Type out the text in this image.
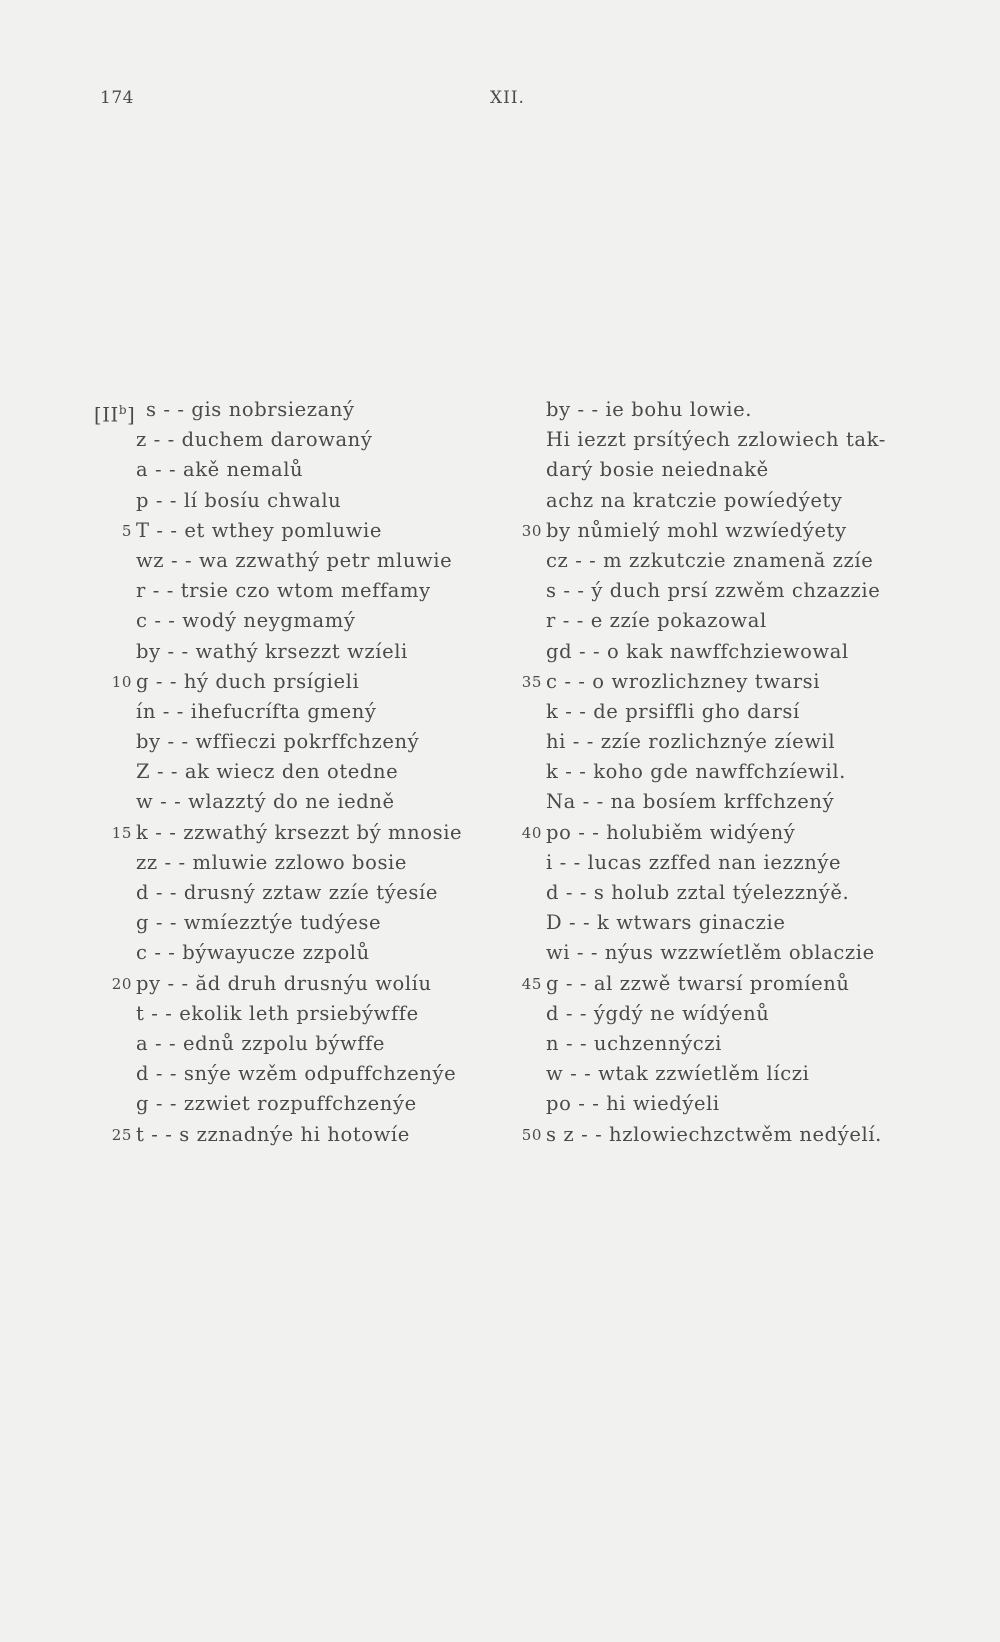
174	XII.
$[II^b]$ s - - gis nobrsiezaný
z - - duchem darowaný
a - - akě nemalů
p - - lí bosíu chwalu
5 T - - et wthey pomluwie
wz - - wa zzwathý petr mluwie
r - - trsie czo wtom meffamy
c - - wodý neygmamý
by - - wathý krsezzt wzíeli
10 g - - hý duch prsígieli
ín - - ihefucrífta gmený
by - - wffieczi pokrffchzený
Z - - ak wiecz den otedne
w - - wlazztý do ne iedně
15 k - - zzwathý krsezzt bý mnosie
zz - - mluwie zzlowo bosie
d - - drusný zztaw zzíe týesíe
g - - wmíezztýe tudýese
c - - býwayucze zzpolů
20 py - - ăd druh drusnýu wolíu
t - - ekolik leth prsiebýwffe
a - - ednů zzpolu býwffe
d - - snýe wzěm odpuffchzenýe
g - - zzwiet rozpuffchzenýe
25 t - - s zznadnýe hi hotowíe
by - - ie bohu lowie.
Hi iezzt prsítýech zzlowiech tak-
darý bosie neiednakě
achz na kratczie powíedýety
30 by nůmielý mohl wzwíedýety
cz - - m zzkutczie znamenă zzíe
s - - ý duch prsí zzwěm chzazzie
r - - e zzíe pokazowal
gd - - o kak nawffchziewowal
35 c - - o wrozlichzney twarsi
k - - de prsiffli gho darsí
hi - - zzíe rozlichznýe zíewil
k - - koho gde nawffchzíewil.
Na - - na bosíem krffchzený
40 po - - holubiěm widýený
i - - lucas zzffed nan iezznýe
d - - s holub zztal týelezznýě.
D - - k wtwars ginaczie
wi - - nýus wzzwíetlěm oblaczie
45 g - - al zzwě twarsí promíenů
d - - ýgdý ne wídýenů
n - - uchzennýczi
w - - wtak zzwíetlěm líczi
po - - hi wiedýeli
50 s z - - hzlowiechzctwěm nedýelí.
